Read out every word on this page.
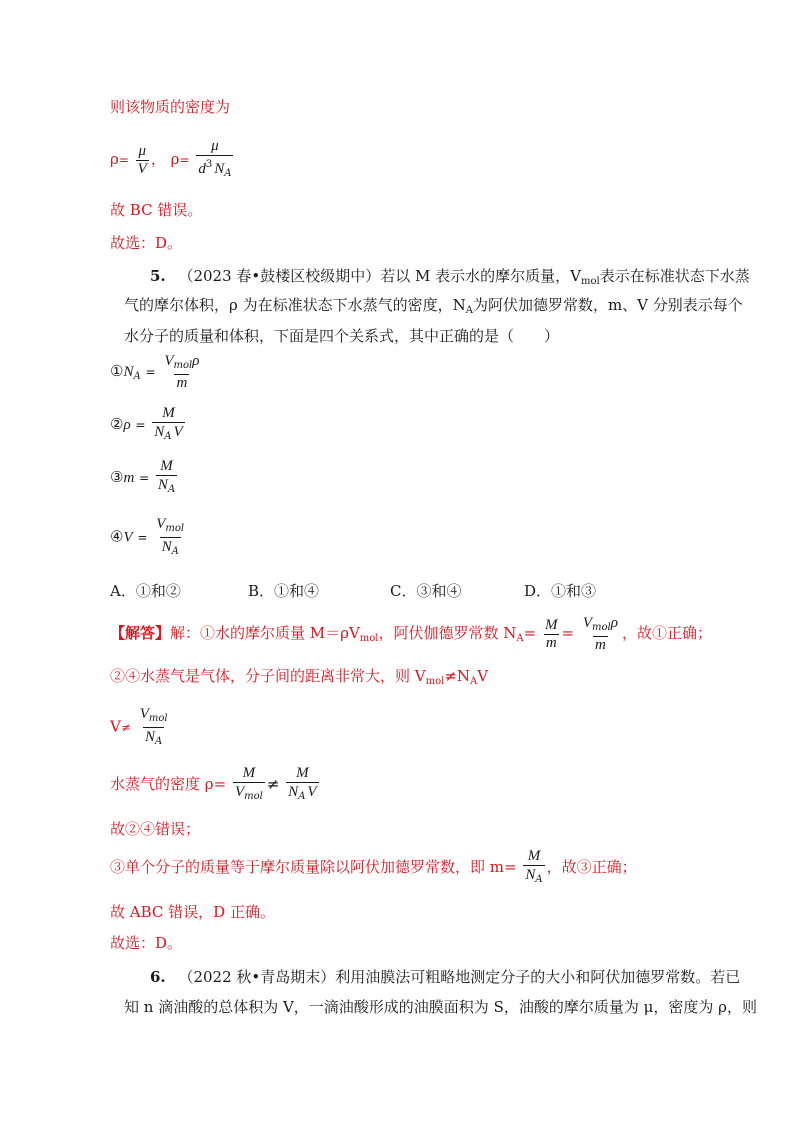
则该物质的密度为
$\rho= \frac{\mu}{V}$ ， $\rho= \frac{\mu}{d^3 N_A}$
故 BC 错误。
故选：D。
5. （2023 春•鼓楼区校级期中）若以 M 表示水的摩尔质量，$V_{mol}$表示在标准状态下水蒸
气的摩尔体积，ρ 为在标准状态下水蒸气的密度，$N_A$为阿伏加德罗常数，m、V 分别表示每个
水分子的质量和体积，下面是四个关系式，其中正确的是（　　）
$①N_A = \frac{V_{mol}\rho}{m}$
②ρ = $\frac{M}{N_A V}$
③m = $\frac{M}{N_A}$
④V = $\frac{V_{mol}}{N_A}$
A．①和②	B．①和④	C．③和④	D．①和③
【解答】解：①水的摩尔质量 $M=\rho V_{mol}$，阿伏伽德罗常数 $N_A= \frac{M}{m} = \frac{V_{mol}\rho}{m}$ ，故①正确；
②④水蒸气是气体，分子间的距离非常大，则 $V_{mol}\ne N_AV$
$V\ne \frac{V_{mol}}{N_A}$
水蒸气的密度 $\rho= \frac{M}{V_{mol}} \ne \frac{M}{N_A V}$
故②④错误；
③单个分子的质量等于摩尔质量除以阿伏加德罗常数，即 $m= \frac{M}{N_A}$ ，故③正确；
故 ABC 错误，D 正确。
故选：D。
6. （2022 秋•青岛期末）利用油膜法可粗略地测定分子的大小和阿伏加德罗常数。若已
知 n 滴油酸的总体积为 V，一滴油酸形成的油膜面积为 S，油酸的摩尔质量为 μ，密度为 ρ，则
